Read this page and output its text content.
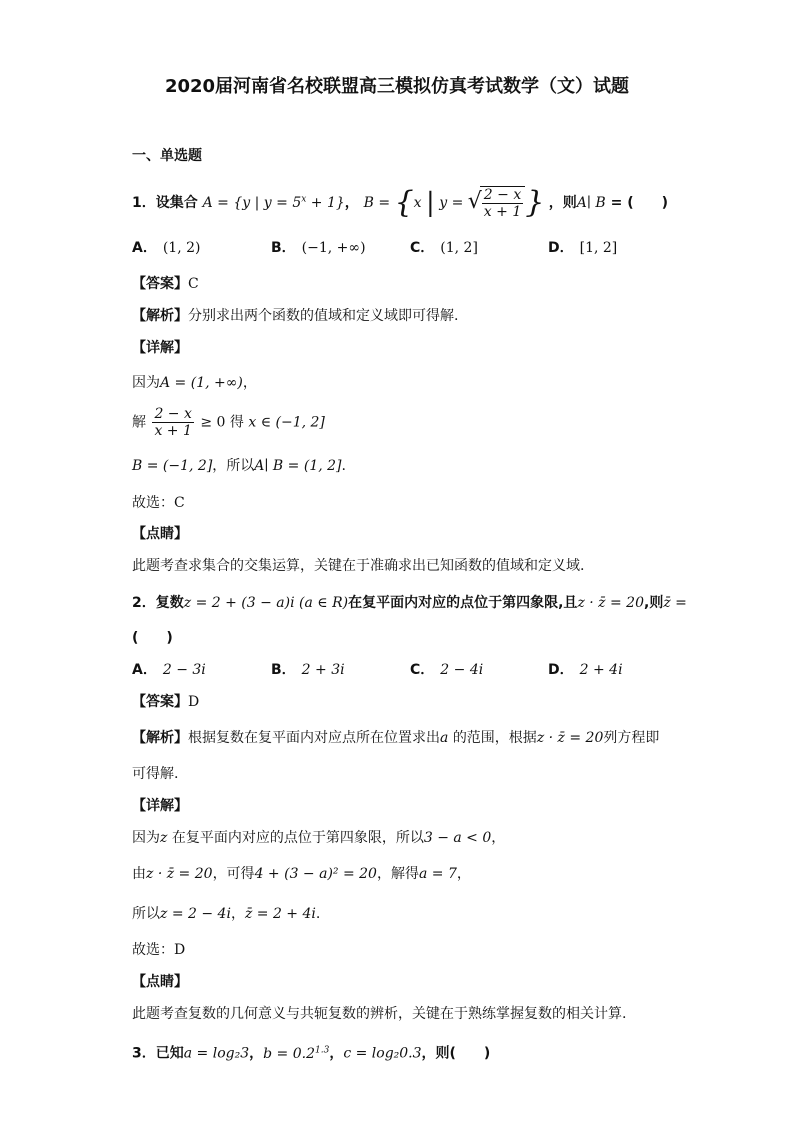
2020届河南省名校联盟高三模拟仿真考试数学（文）试题
一、单选题
1．设集合 A = {y | $y = 5^x + 1$}， B = {x | y = √ $\frac{2 - x}{x + 1}$ } ，则A∣ B = (　　)
A． (1, 2)	B． (−1, +∞)	C． (1, 2]	D． [1, 2]
【答案】C
【解析】分别求出两个函数的值域和定义域即可得解.
【详解】
因为A = (1, +∞)，
解 $\frac{2 - x}{x + 1} \ge 0$ 得 x ∈ (−1, 2]
B = (−1, 2]，所以A∣ B = (1, 2].
故选：C
【点睛】
此题考查求集合的交集运算，关键在于准确求出已知函数的值域和定义域.
2．复数z = 2 + (3 − a)i (a ∈ R)在复平面内对应的点位于第四象限,且z · z̄ = 20,则z̄ =
(　　)
A． 2 − 3i	B． 2 + 3i	C． 2 − 4i	D． 2 + 4i
【答案】D
【解析】根据复数在复平面内对应点所在位置求出a 的范围，根据z · z̄ = 20列方程即
可得解.
【详解】
因为z 在复平面内对应的点位于第四象限，所以3 − a < 0，
由z · z̄ = 20，可得4 + (3 − a)² = 20，解得a = 7，
所以z = 2 − 4i，z̄ = 2 + 4i.
故选：D
【点睛】
此题考查复数的几何意义与共轭复数的辨析，关键在于熟练掌握复数的相关计算.
3．已知a = log₂3，$b = 0.2^{1.3}$，c = log₂0.3，则(　　)
